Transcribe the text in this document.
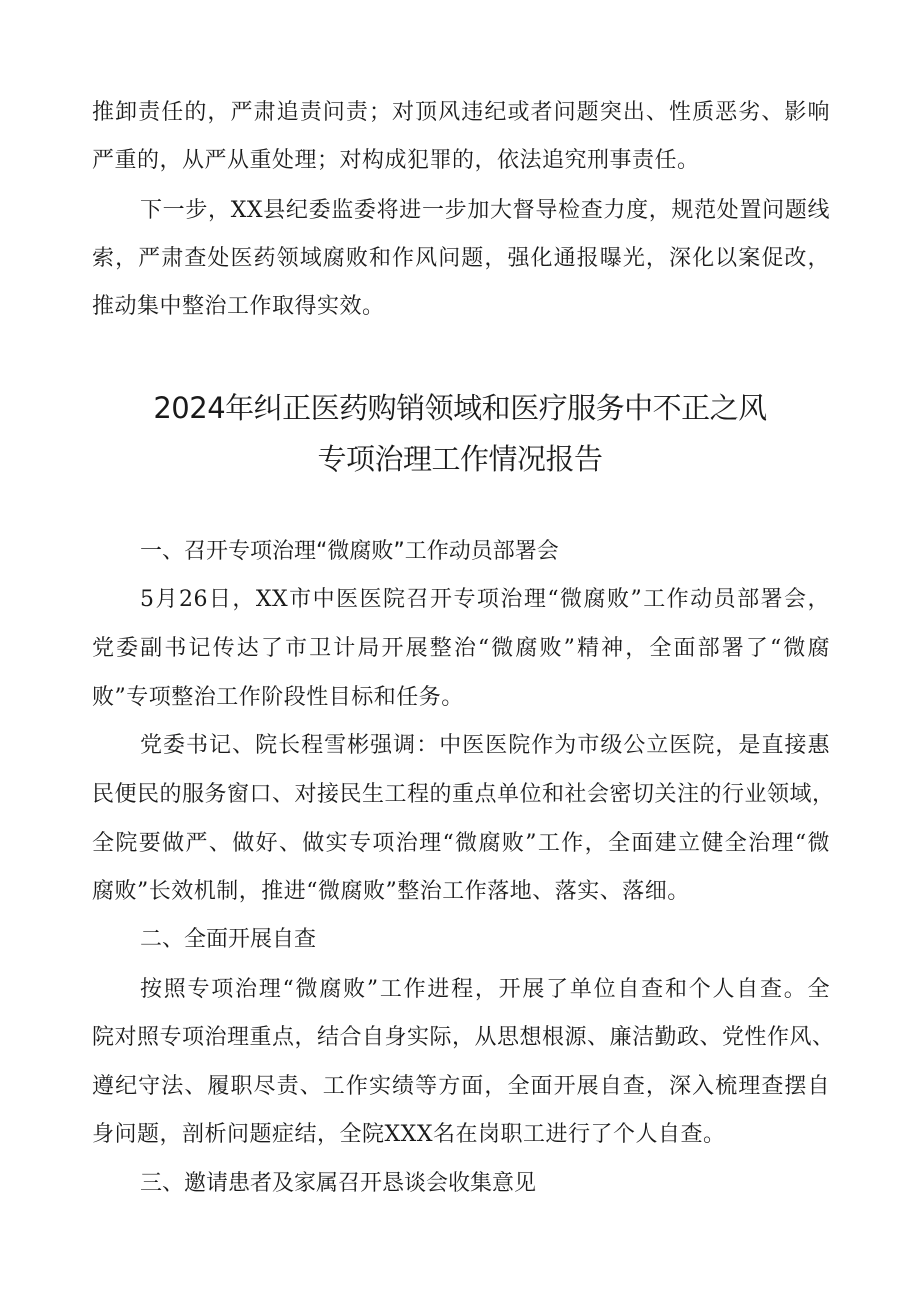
推卸责任的，严肃追责问责；对顶风违纪或者问题突出、性质恶劣、影响
严重的，从严从重处理；对构成犯罪的，依法追究刑事责任。
下一步，XX县纪委监委将进一步加大督导检查力度，规范处置问题线
索，严肃查处医药领域腐败和作风问题，强化通报曝光，深化以案促改，
推动集中整治工作取得实效。
2024年纠正医药购销领域和医疗服务中不正之风
专项治理工作情况报告
一、召开专项治理“微腐败”工作动员部署会
5月26日，XX市中医医院召开专项治理“微腐败”工作动员部署会，
党委副书记传达了市卫计局开展整治“微腐败”精神，全面部署了“微腐
败”专项整治工作阶段性目标和任务。
党委书记、院长程雪彬强调：中医医院作为市级公立医院，是直接惠
民便民的服务窗口、对接民生工程的重点单位和社会密切关注的行业领域，
全院要做严、做好、做实专项治理“微腐败”工作，全面建立健全治理“微
腐败”长效机制，推进“微腐败”整治工作落地、落实、落细。
二、全面开展自查
按照专项治理“微腐败”工作进程，开展了单位自查和个人自查。全
院对照专项治理重点，结合自身实际，从思想根源、廉洁勤政、党性作风、
遵纪守法、履职尽责、工作实绩等方面，全面开展自查，深入梳理查摆自
身问题，剖析问题症结，全院XXX名在岗职工进行了个人自查。
三、邀请患者及家属召开恳谈会收集意见
